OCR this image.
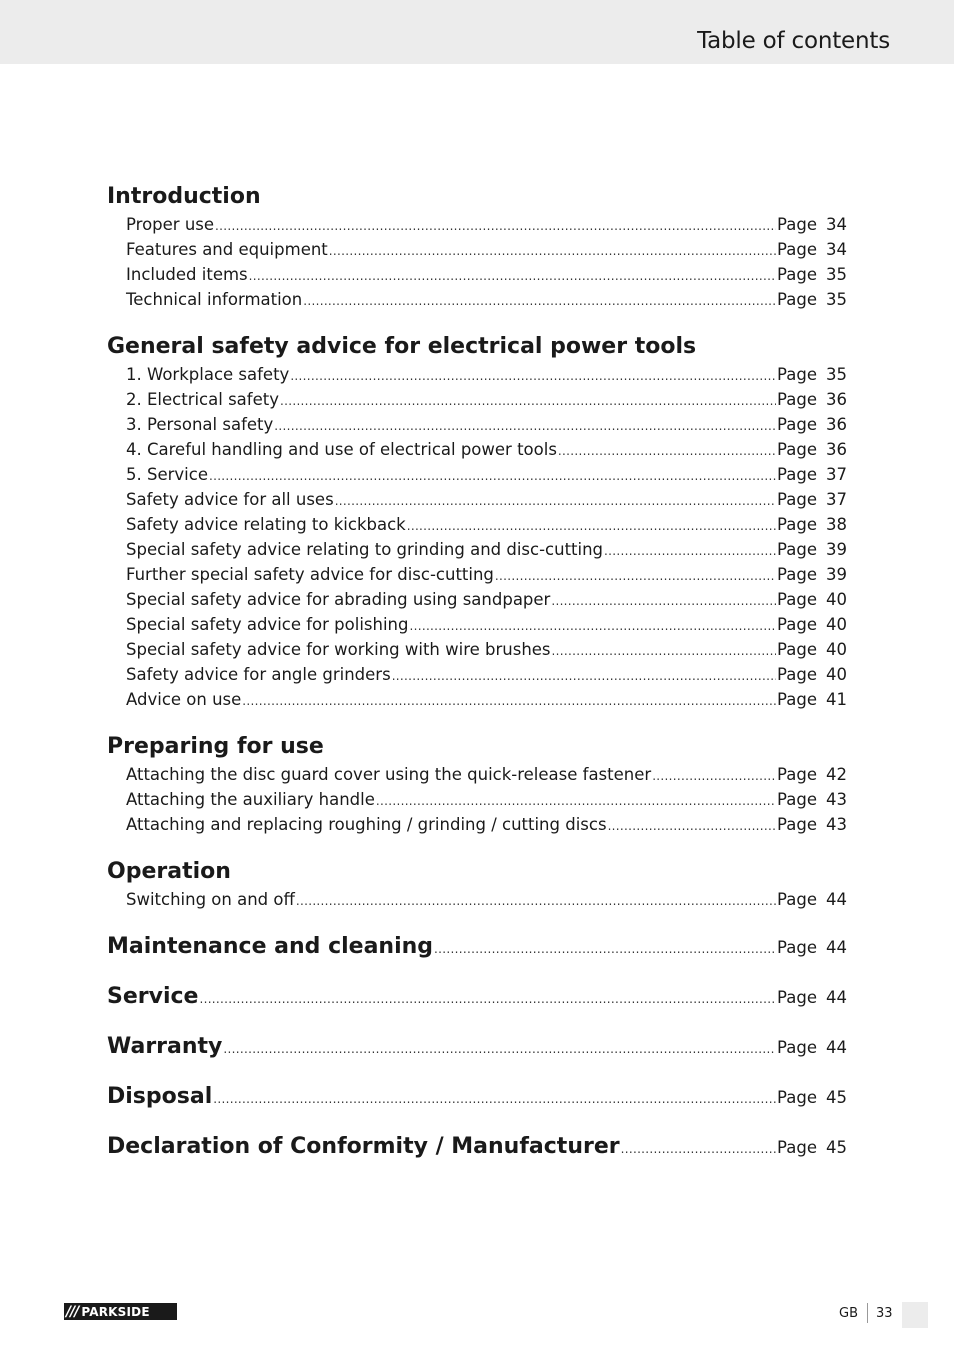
Table of contents
Introduction
Proper use .....	Page 34
Features and equipment .....	Page 34
Included items .....	Page 35
Technical information .....	Page 35
General safety advice for electrical power tools
1. Workplace safety .....	Page 35
2. Electrical safety .....	Page 36
3. Personal safety .....	Page 36
4. Careful handling and use of electrical power tools .....	Page 36
5. Service .....	Page 37
Safety advice for all uses .....	Page 37
Safety advice relating to kickback .....	Page 38
Special safety advice relating to grinding and disc-cutting .....	Page 39
Further special safety advice for disc-cutting .....	Page 39
Special safety advice for abrading using sandpaper .....	Page 40
Special safety advice for polishing .....	Page 40
Special safety advice for working with wire brushes .....	Page 40
Safety advice for angle grinders .....	Page 40
Advice on use .....	Page 41
Preparing for use
Attaching the disc guard cover using the quick-release fastener .....	Page 42
Attaching the auxiliary handle .....	Page 43
Attaching and replacing roughing / grinding / cutting discs .....	Page 43
Operation
Switching on and off .....	Page 44
Maintenance and cleaning .....	Page 44
Service .....	Page 44
Warranty .....	Page 44
Disposal .....	Page 45
Declaration of Conformity / Manufacturer .....	Page 45
/// PARKSIDE	GB 33
